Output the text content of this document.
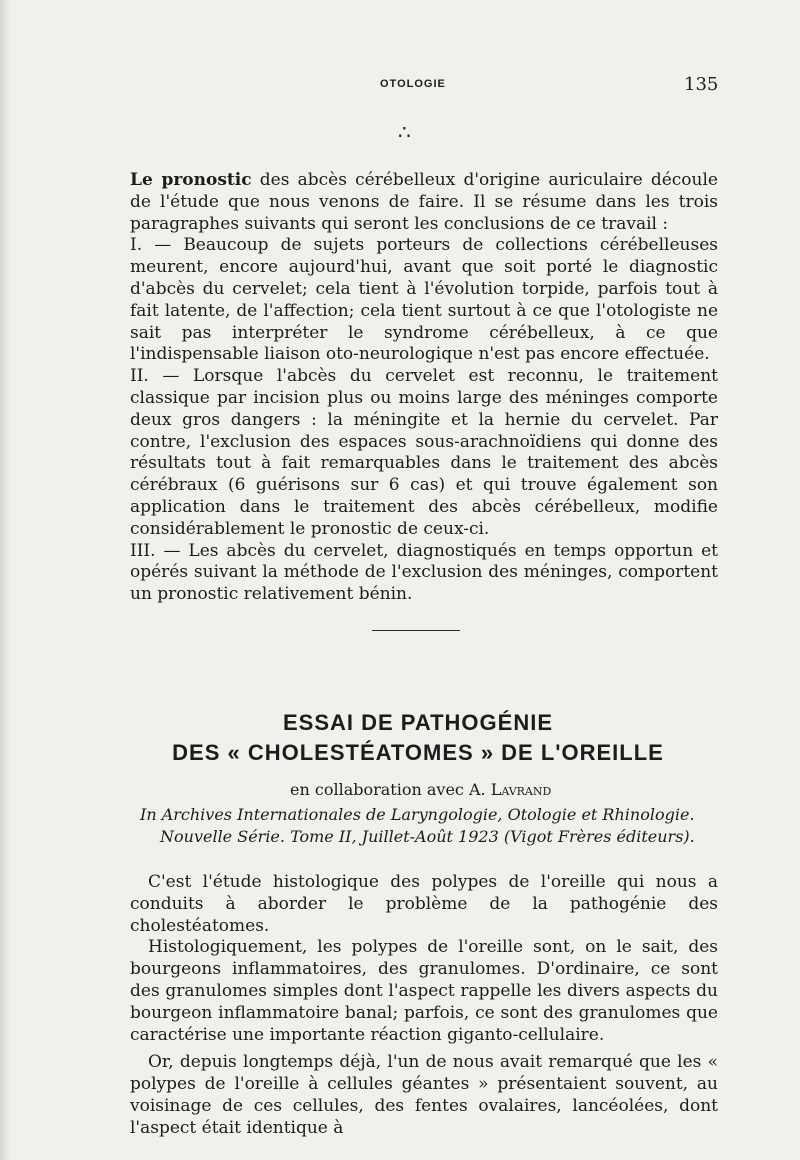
OTOLOGIE	135
∴

Le pronostic des abcès cérébelleux d'origine auriculaire découle de l'étude que nous venons de faire. Il se résume dans les trois paragraphes suivants qui seront les conclusions de ce travail :

I. — Beaucoup de sujets porteurs de collections cérébelleuses meurent, encore aujourd'hui, avant que soit porté le diagnostic d'abcès du cervelet; cela tient à l'évolution torpide, parfois tout à fait latente, de l'affection; cela tient surtout à ce que l'otologiste ne sait pas interpréter le syndrome cérébelleux, à ce que l'indispensable liaison oto-neurologique n'est pas encore effectuée.

II. — Lorsque l'abcès du cervelet est reconnu, le traitement classique par incision plus ou moins large des méninges comporte deux gros dangers : la méningite et la hernie du cervelet. Par contre, l'exclusion des espaces sous-arachnoïdiens qui donne des résultats tout à fait remarquables dans le traitement des abcès cérébraux (6 guérisons sur 6 cas) et qui trouve également son application dans le traitement des abcès cérébelleux, modifie considérablement le pronostic de ceux-ci.

III. — Les abcès du cervelet, diagnostiqués en temps opportun et opérés suivant la méthode de l'exclusion des méninges, comportent un pronostic relativement bénin.

ESSAI DE PATHOGÉNIE
DES « CHOLESTÉATOMES » DE L'OREILLE
en collaboration avec A. Lavrand
In Archives Internationales de Laryngologie, Otologie et Rhinologie.
Nouvelle Série. Tome II, Juillet-Août 1923 (Vigot Frères éditeurs).

C'est l'étude histologique des polypes de l'oreille qui nous a conduits à aborder le problème de la pathogénie des cholestéatomes.

Histologiquement, les polypes de l'oreille sont, on le sait, des bourgeons inflammatoires, des granulomes. D'ordinaire, ce sont des granulomes simples dont l'aspect rappelle les divers aspects du bourgeon inflammatoire banal; parfois, ce sont des granulomes que caractérise une importante réaction giganto-cellulaire.

Or, depuis longtemps déjà, l'un de nous avait remarqué que les « polypes de l'oreille à cellules géantes » présentaient souvent, au voisinage de ces cellules, des fentes ovalaires, lancéolées, dont l'aspect était identique à
